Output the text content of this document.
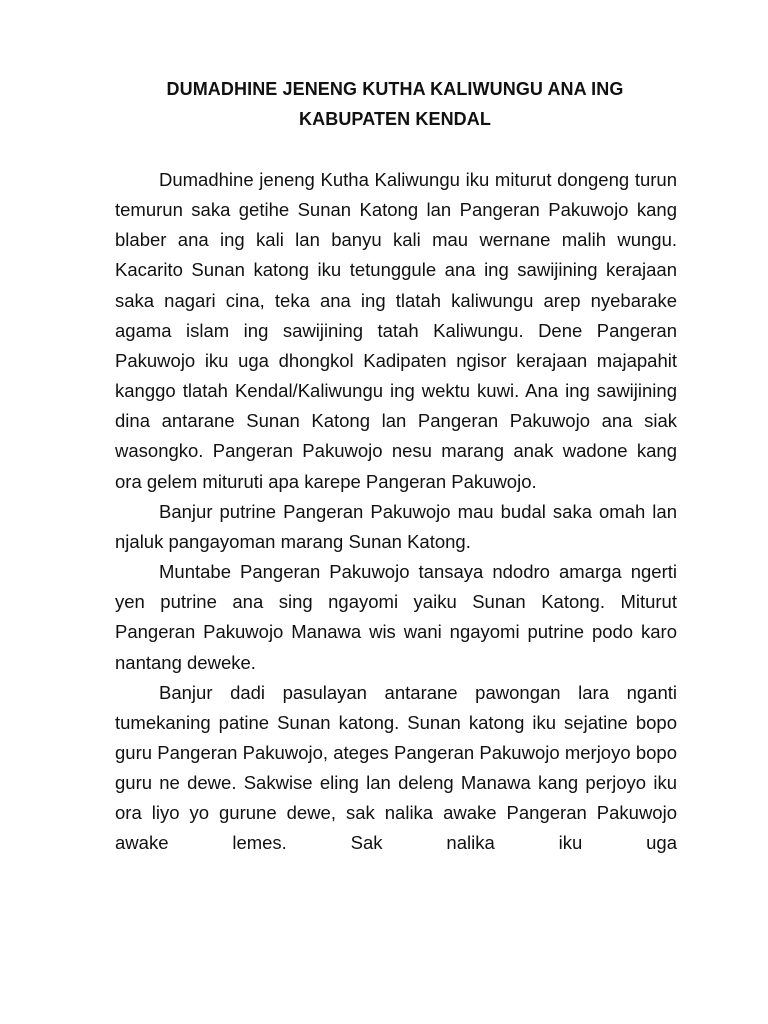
DUMADHINE JENENG KUTHA KALIWUNGU ANA ING
KABUPATEN KENDAL

Dumadhine jeneng Kutha Kaliwungu iku miturut dongeng turun temurun saka getihe Sunan Katong lan Pangeran Pakuwojo kang blaber ana ing kali lan banyu kali mau wernane malih wungu. Kacarito Sunan katong iku tetunggule ana ing sawijining kerajaan saka nagari cina, teka ana ing tlatah kaliwungu arep nyebarake agama islam ing sawijining tatah Kaliwungu. Dene Pangeran Pakuwojo iku uga dhongkol Kadipaten ngisor kerajaan majapahit kanggo tlatah Kendal/Kaliwungu ing wektu kuwi. Ana ing sawijining dina antarane Sunan Katong lan Pangeran Pakuwojo ana siak wasongko. Pangeran Pakuwojo nesu marang anak wadone kang ora gelem mituruti apa karepe Pangeran Pakuwojo.

Banjur putrine Pangeran Pakuwojo mau budal saka omah lan njaluk pangayoman marang Sunan Katong.

Muntabe Pangeran Pakuwojo tansaya ndodro amarga ngerti yen putrine ana sing ngayomi yaiku Sunan Katong. Miturut Pangeran Pakuwojo Manawa wis wani ngayomi putrine podo karo nantang deweke.

Banjur dadi pasulayan antarane pawongan lara nganti tumekaning patine Sunan katong. Sunan katong iku sejatine bopo guru Pangeran Pakuwojo, ateges Pangeran Pakuwojo merjoyo bopo guru ne dewe. Sakwise eling lan deleng Manawa kang perjoyo iku ora liyo yo gurune dewe, sak nalika awake Pangeran Pakuwojo awake lemes. Sak nalika iku uga
